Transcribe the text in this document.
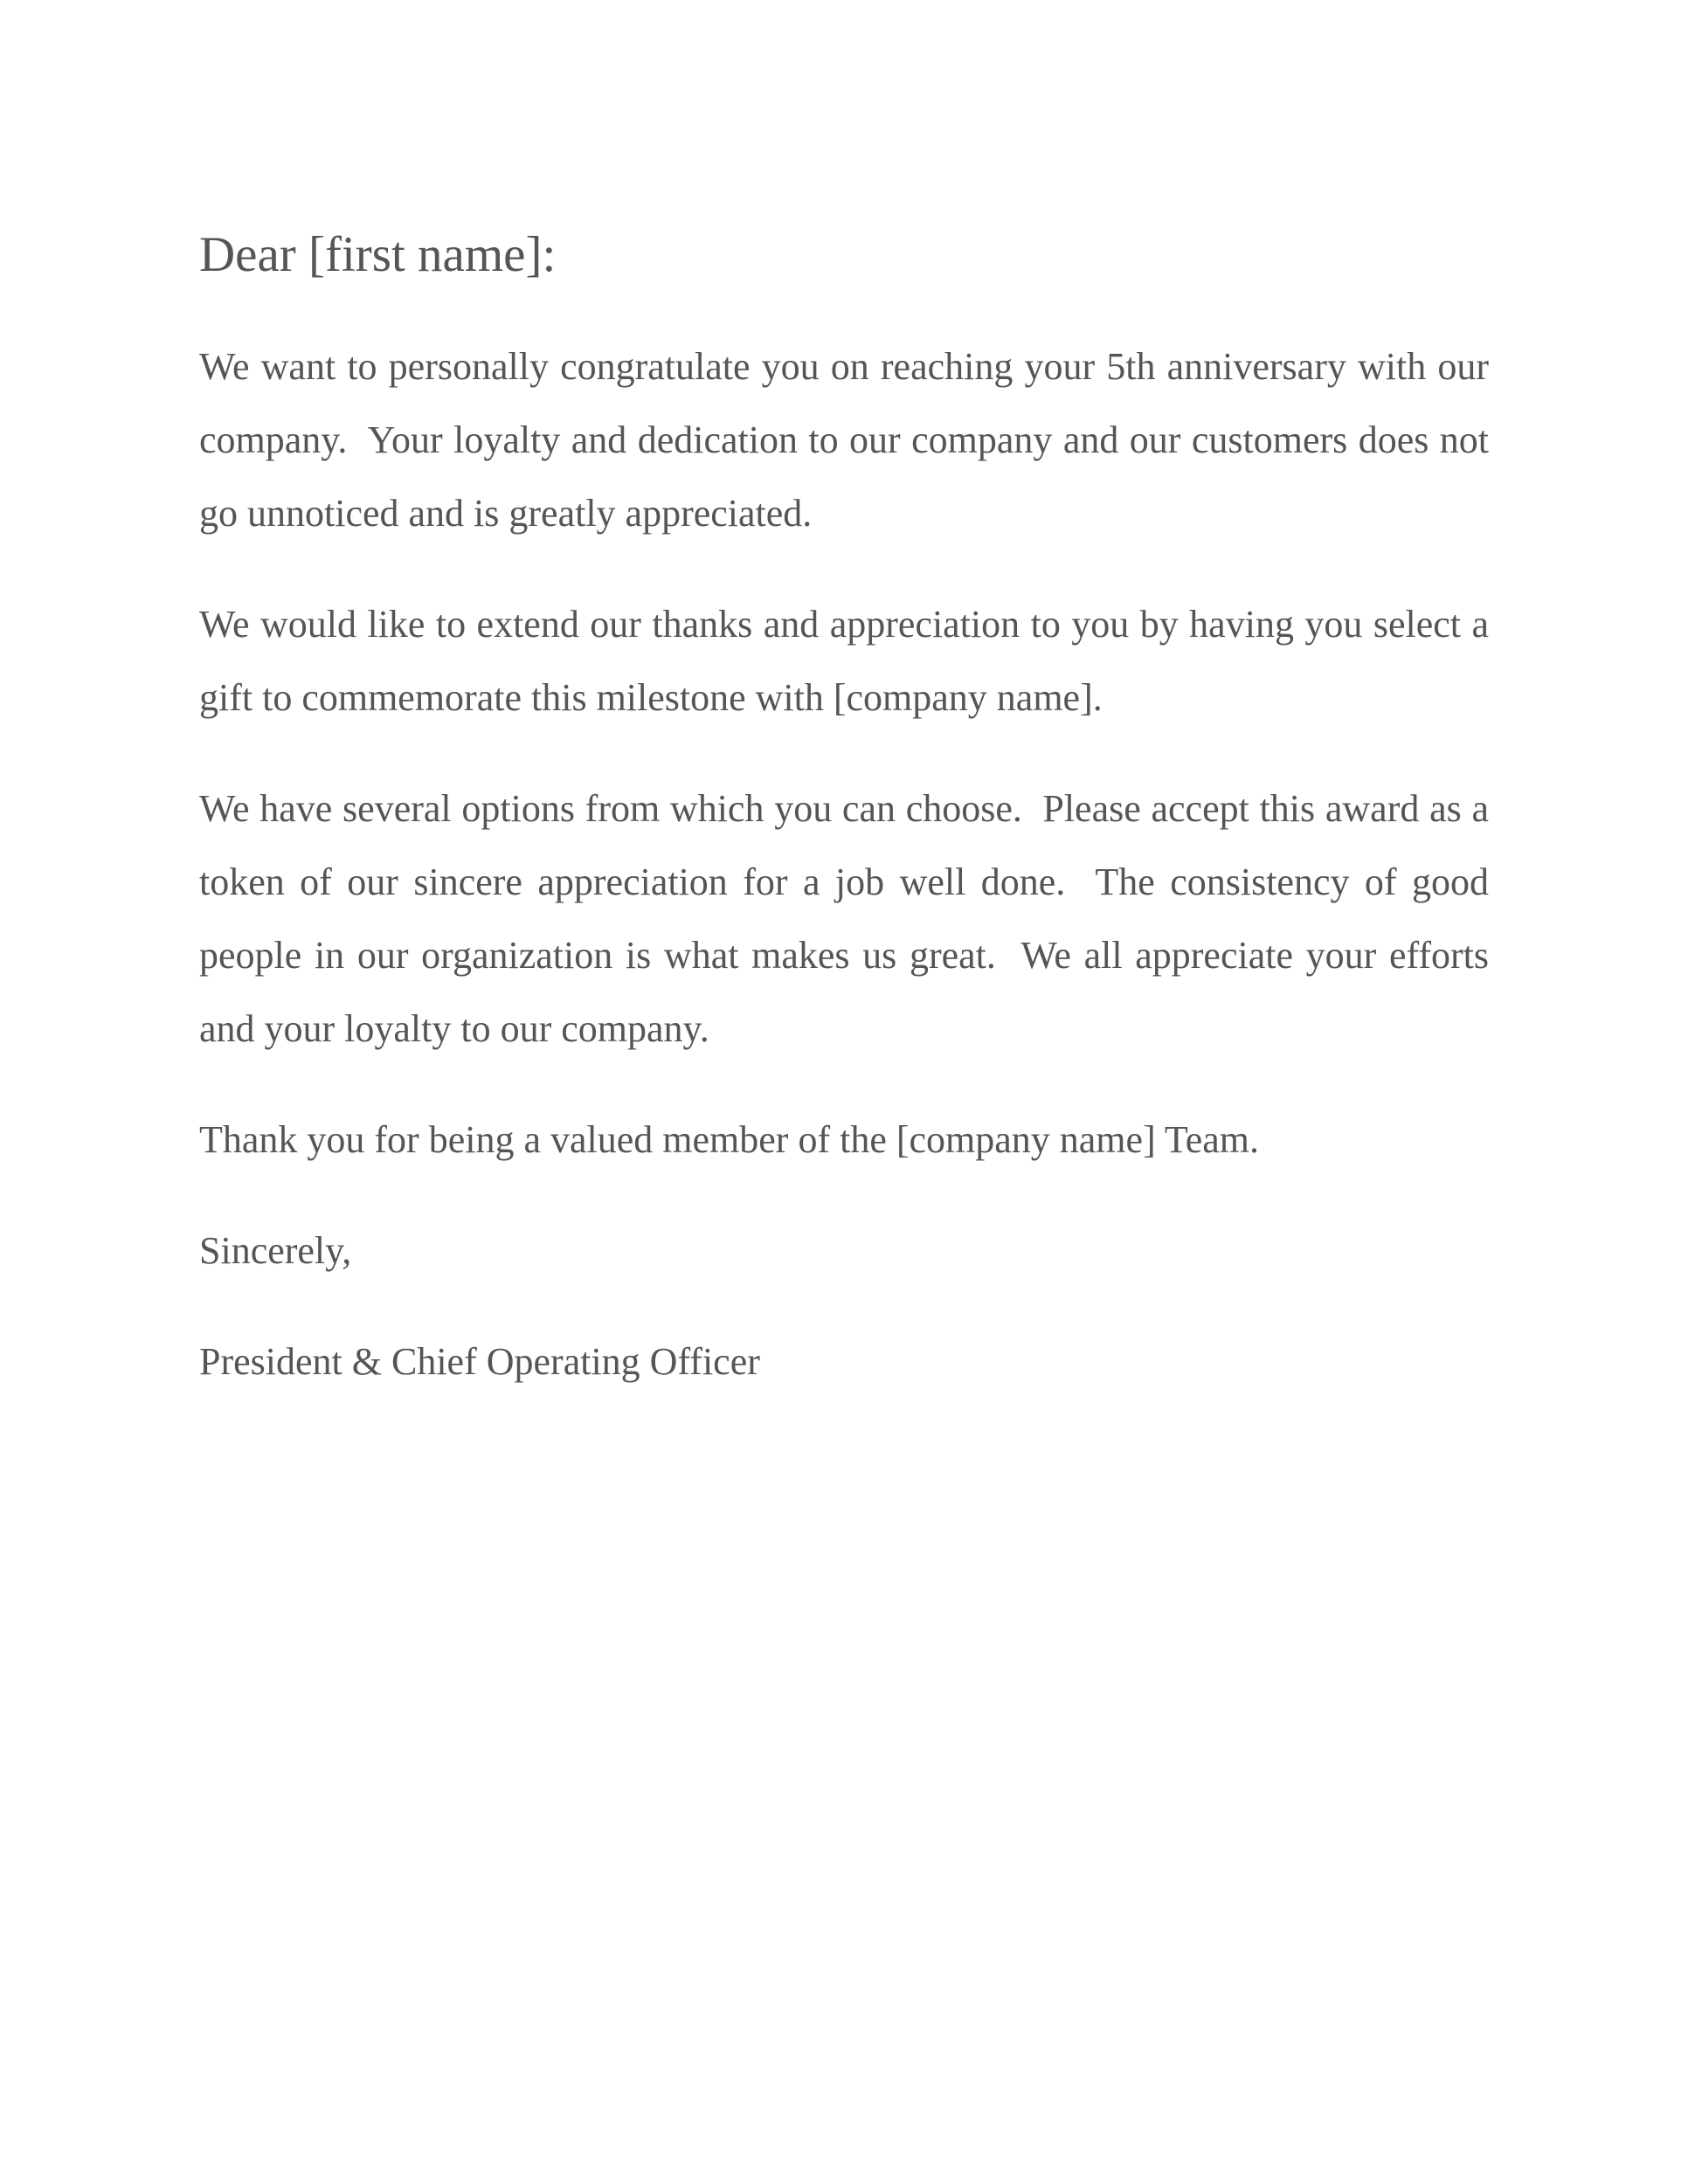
Dear [first name]:

We want to personally congratulate you on reaching your 5th anniversary with our company.  Your loyalty and dedication to our company and our customers does not go unnoticed and is greatly appreciated.

We would like to extend our thanks and appreciation to you by having you select a gift to commemorate this milestone with [company name].

We have several options from which you can choose.  Please accept this award as a token of our sincere appreciation for a job well done.  The consistency of good people in our organization is what makes us great.  We all appreciate your efforts and your loyalty to our company.

Thank you for being a valued member of the [company name] Team.

Sincerely,

President & Chief Operating Officer
